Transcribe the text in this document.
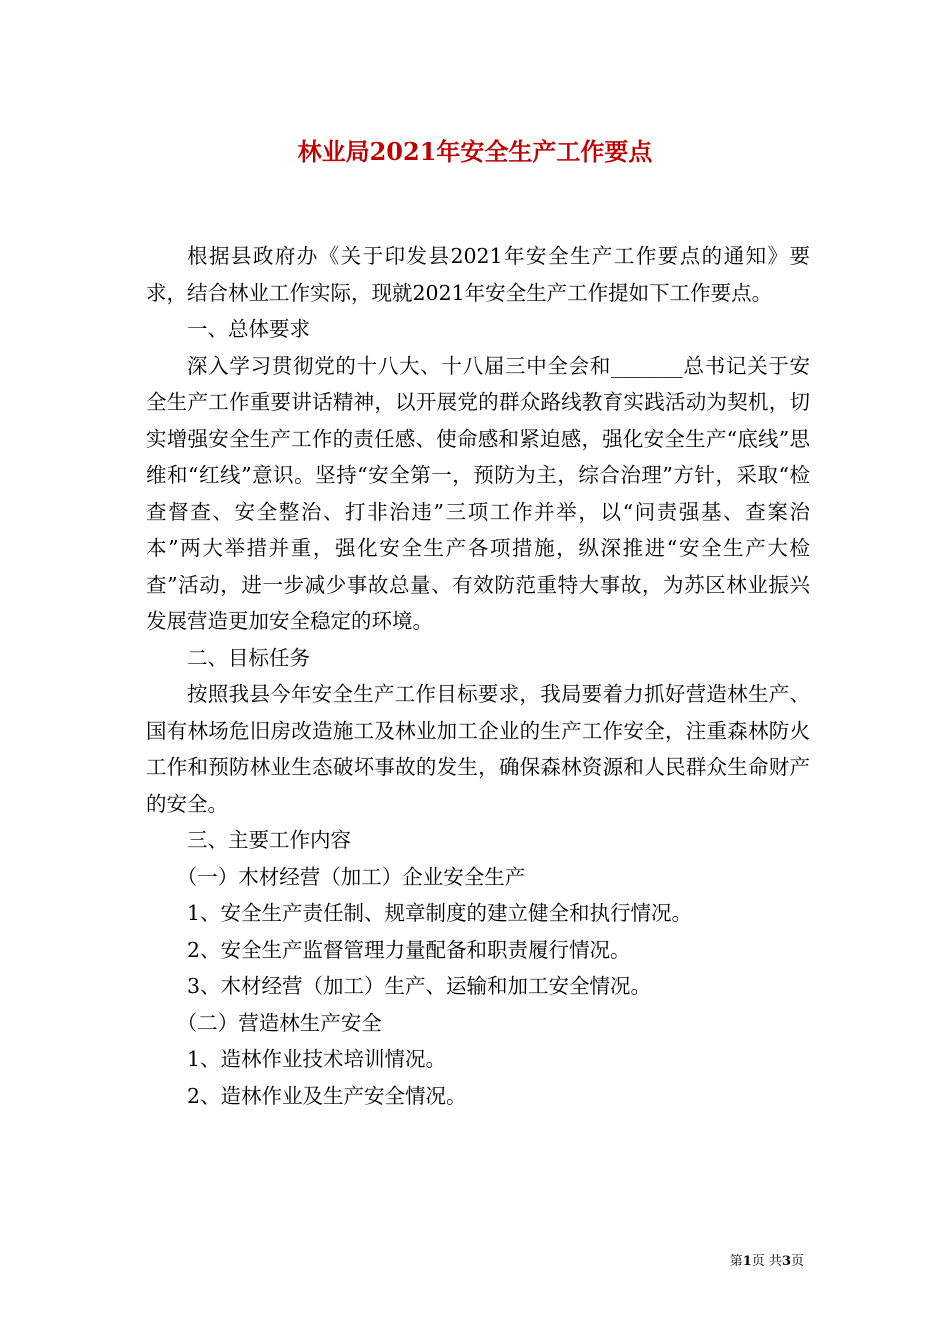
林业局2021年安全生产工作要点

根据县政府办《关于印发县2021年安全生产工作要点的通知》要求，结合林业工作实际，现就2021年安全生产工作提如下工作要点。

一、总体要求

深入学习贯彻党的十八大、十八届三中全会和_______总书记关于安全生产工作重要讲话精神，以开展党的群众路线教育实践活动为契机，切实增强安全生产工作的责任感、使命感和紧迫感，强化安全生产“底线”思维和“红线”意识。坚持“安全第一，预防为主，综合治理”方针，采取“检查督查、安全整治、打非治违”三项工作并举，以“问责强基、查案治本”两大举措并重，强化安全生产各项措施，纵深推进“安全生产大检查”活动，进一步减少事故总量、有效防范重特大事故，为苏区林业振兴发展营造更加安全稳定的环境。

二、目标任务

按照我县今年安全生产工作目标要求，我局要着力抓好营造林生产、国有林场危旧房改造施工及林业加工企业的生产工作安全，注重森林防火工作和预防林业生态破坏事故的发生，确保森林资源和人民群众生命财产的安全。

三、主要工作内容

（一）木材经营（加工）企业安全生产

1、安全生产责任制、规章制度的建立健全和执行情况。

2、安全生产监督管理力量配备和职责履行情况。

3、木材经营（加工）生产、运输和加工安全情况。

（二）营造林生产安全

1、造林作业技术培训情况。

2、造林作业及生产安全情况。

第1页 共3页
